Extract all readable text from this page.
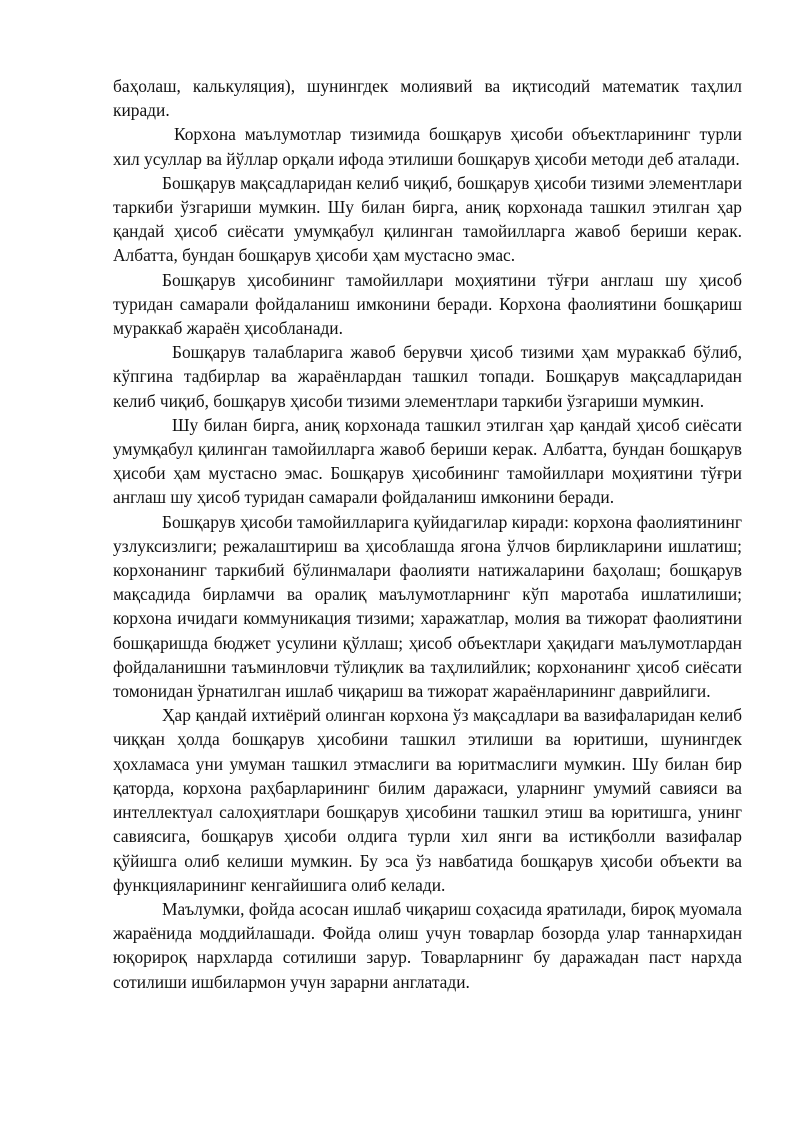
баҳолаш, калькуляция), шунингдек молиявий ва иқтисодий математик таҳлил киради.

Корхона маълумотлар тизимида бошқарув ҳисоби объектларининг турли хил усуллар ва йўллар орқали ифода этилиши бошқарув ҳисоби методи деб аталади.

Бошқарув мақсадларидан келиб чиқиб, бошқарув ҳисоби тизими элементлари таркиби ўзгариши мумкин. Шу билан бирга, аниқ корхонада ташкил этилган ҳар қандай ҳисоб сиёсати умумқабул қилинган тамойилларга жавоб бериши керак. Албатта, бундан бошқарув ҳисоби ҳам мустасно эмас.

Бошқарув ҳисобининг тамойиллари моҳиятини тўғри англаш шу ҳисоб туридан самарали фойдаланиш имконини беради. Корхона фаолиятини бошқариш мураккаб жараён ҳисобланади.

Бошқарув талабларига жавоб берувчи ҳисоб тизими ҳам мураккаб бўлиб, кўпгина тадбирлар ва жараёнлардан ташкил топади. Бошқарув мақсадларидан келиб чиқиб, бошқарув ҳисоби тизими элементлари таркиби ўзгариши мумкин.

Шу билан бирга, аниқ корхонада ташкил этилган ҳар қандай ҳисоб сиёсати умумқабул қилинган тамойилларга жавоб бериши керак. Албатта, бундан бошқарув ҳисоби ҳам мустасно эмас. Бошқарув ҳисобининг тамойиллари моҳиятини тўғри англаш шу ҳисоб туридан самарали фойдаланиш имконини беради.

Бошқарув ҳисоби тамойилларига қуйидагилар киради: корхона фаолиятининг узлуксизлиги; режалаштириш ва ҳисоблашда ягона ўлчов бирликларини ишлатиш; корхонанинг таркибий бўлинмалари фаолияти натижаларини баҳолаш; бошқарув мақсадида бирламчи ва оралиқ маълумотларнинг кўп маротаба ишлатилиши; корхона ичидаги коммуникация тизими; харажатлар, молия ва тижорат фаолиятини бошқаришда бюджет усулини қўллаш; ҳисоб объектлари ҳақидаги маълумотлардан фойдаланишни таъминловчи тўлиқлик ва таҳлилийлик; корхонанинг ҳисоб сиёсати томонидан ўрнатилган ишлаб чиқариш ва тижорат жараёнларининг даврийлиги.

Ҳар қандай ихтиёрий олинган корхона ўз мақсадлари ва вазифаларидан келиб чиққан ҳолда бошқарув ҳисобини ташкил этилиши ва юритиши, шунингдек ҳохламаса уни умуман ташкил этмаслиги ва юритмаслиги мумкин. Шу билан бир қаторда, корхона раҳбарларининг билим даражаси, уларнинг умумий савияси ва интеллектуал салоҳиятлари бошқарув ҳисобини ташкил этиш ва юритишга, унинг савиясига, бошқарув ҳисоби олдига турли хил янги ва истиқболли вазифалар қўйишга олиб келиши мумкин. Бу эса ўз навбатида бошқарув ҳисоби объекти ва функцияларининг кенгайишига олиб келади.

Маълумки, фойда асосан ишлаб чиқариш соҳасида яратилади, бироқ муомала жараёнида моддийлашади. Фойда олиш учун товарлар бозорда улар таннархидан юқорироқ нархларда сотилиши зарур. Товарларнинг бу даражадан паст нархда сотилиши ишбилармон учун зарарни англатади.
